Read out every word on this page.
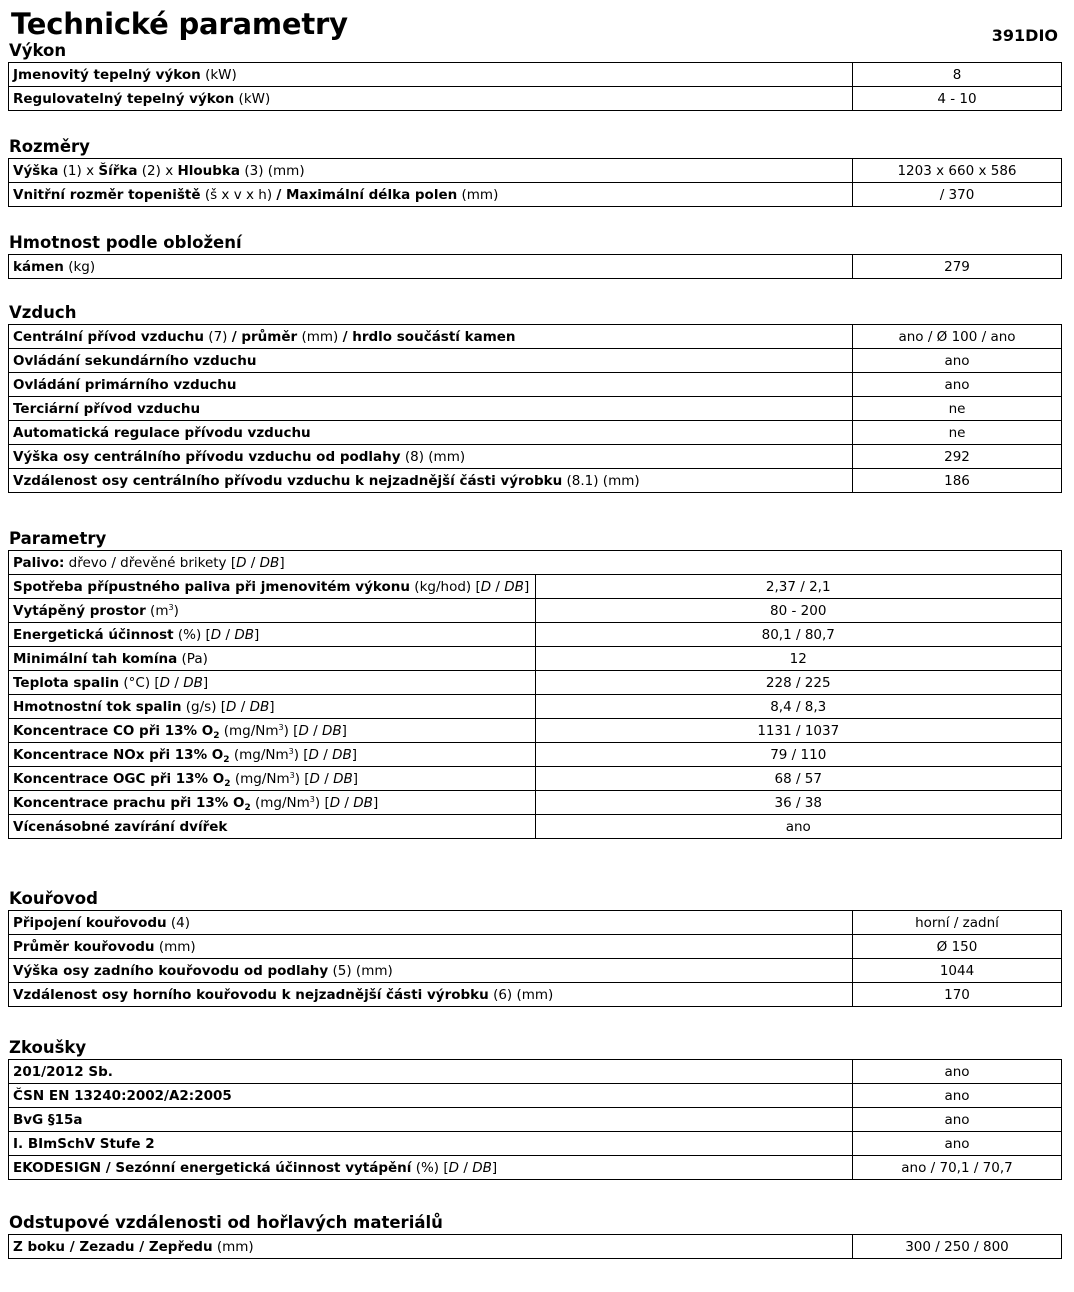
Technické parametry	391DIO
Výkon
Jmenovitý tepelný výkon (kW)	8
Regulovatelný tepelný výkon (kW)	4 - 10
Rozměry
Výška (1) x Šířka (2) x Hloubka (3) (mm)	1203 x 660 x 586
Vnitřní rozměr topeniště (š x v x h) / Maximální délka polen (mm)	/ 370
Hmotnost podle obložení
kámen (kg)	279
Vzduch
Centrální přívod vzduchu (7) / průměr (mm) / hrdlo součástí kamen	ano / Ø 100 / ano
Ovládání sekundárního vzduchu	ano
Ovládání primárního vzduchu	ano
Terciární přívod vzduchu	ne
Automatická regulace přívodu vzduchu	ne
Výška osy centrálního přívodu vzduchu od podlahy (8) (mm)	292
Vzdálenost osy centrálního přívodu vzduchu k nejzadnější části výrobku (8.1) (mm)	186
Parametry
Palivo: dřevo / dřevěné brikety [D / DB]	
Spotřeba přípustného paliva při jmenovitém výkonu (kg/hod) [D / DB]	2,37 / 2,1
Vytápěný prostor $(m^3)$	80 - 200
Energetická účinnost (%) [D / DB]	80,1 / 80,7
Minimální tah komína (Pa)	12
Teplota spalin (°C) [D / DB]	228 / 225
Hmotnostní tok spalin (g/s) [D / DB]	8,4 / 8,3
Koncentrace CO při 13% $O_2$ (mg/Nm$^3$) [D / DB]	1131 / 1037
Koncentrace NOx při 13% $O_2$ (mg/Nm$^3$) [D / DB]	79 / 110
Koncentrace OGC při 13% $O_2$ (mg/Nm$^3$) [D / DB]	68 / 57
Koncentrace prachu při 13% $O_2$ (mg/Nm$^3$) [D / DB]	36 / 38
Vícenásobné zavírání dvířek	ano
Kouřovod
Připojení kouřovodu (4)	horní / zadní
Průměr kouřovodu (mm)	Ø 150
Výška osy zadního kouřovodu od podlahy (5) (mm)	1044
Vzdálenost osy horního kouřovodu k nejzadnější části výrobku (6) (mm)	170
Zkoušky
201/2012 Sb.	ano
ČSN EN 13240:2002/A2:2005	ano
BvG §15a	ano
I. BImSchV Stufe 2	ano
EKODESIGN / Sezónní energetická účinnost vytápění (%) [D / DB]	ano / 70,1 / 70,7
Odstupové vzdálenosti od hořlavých materiálů
Z boku / Zezadu / Zepředu (mm)	300 / 250 / 800
